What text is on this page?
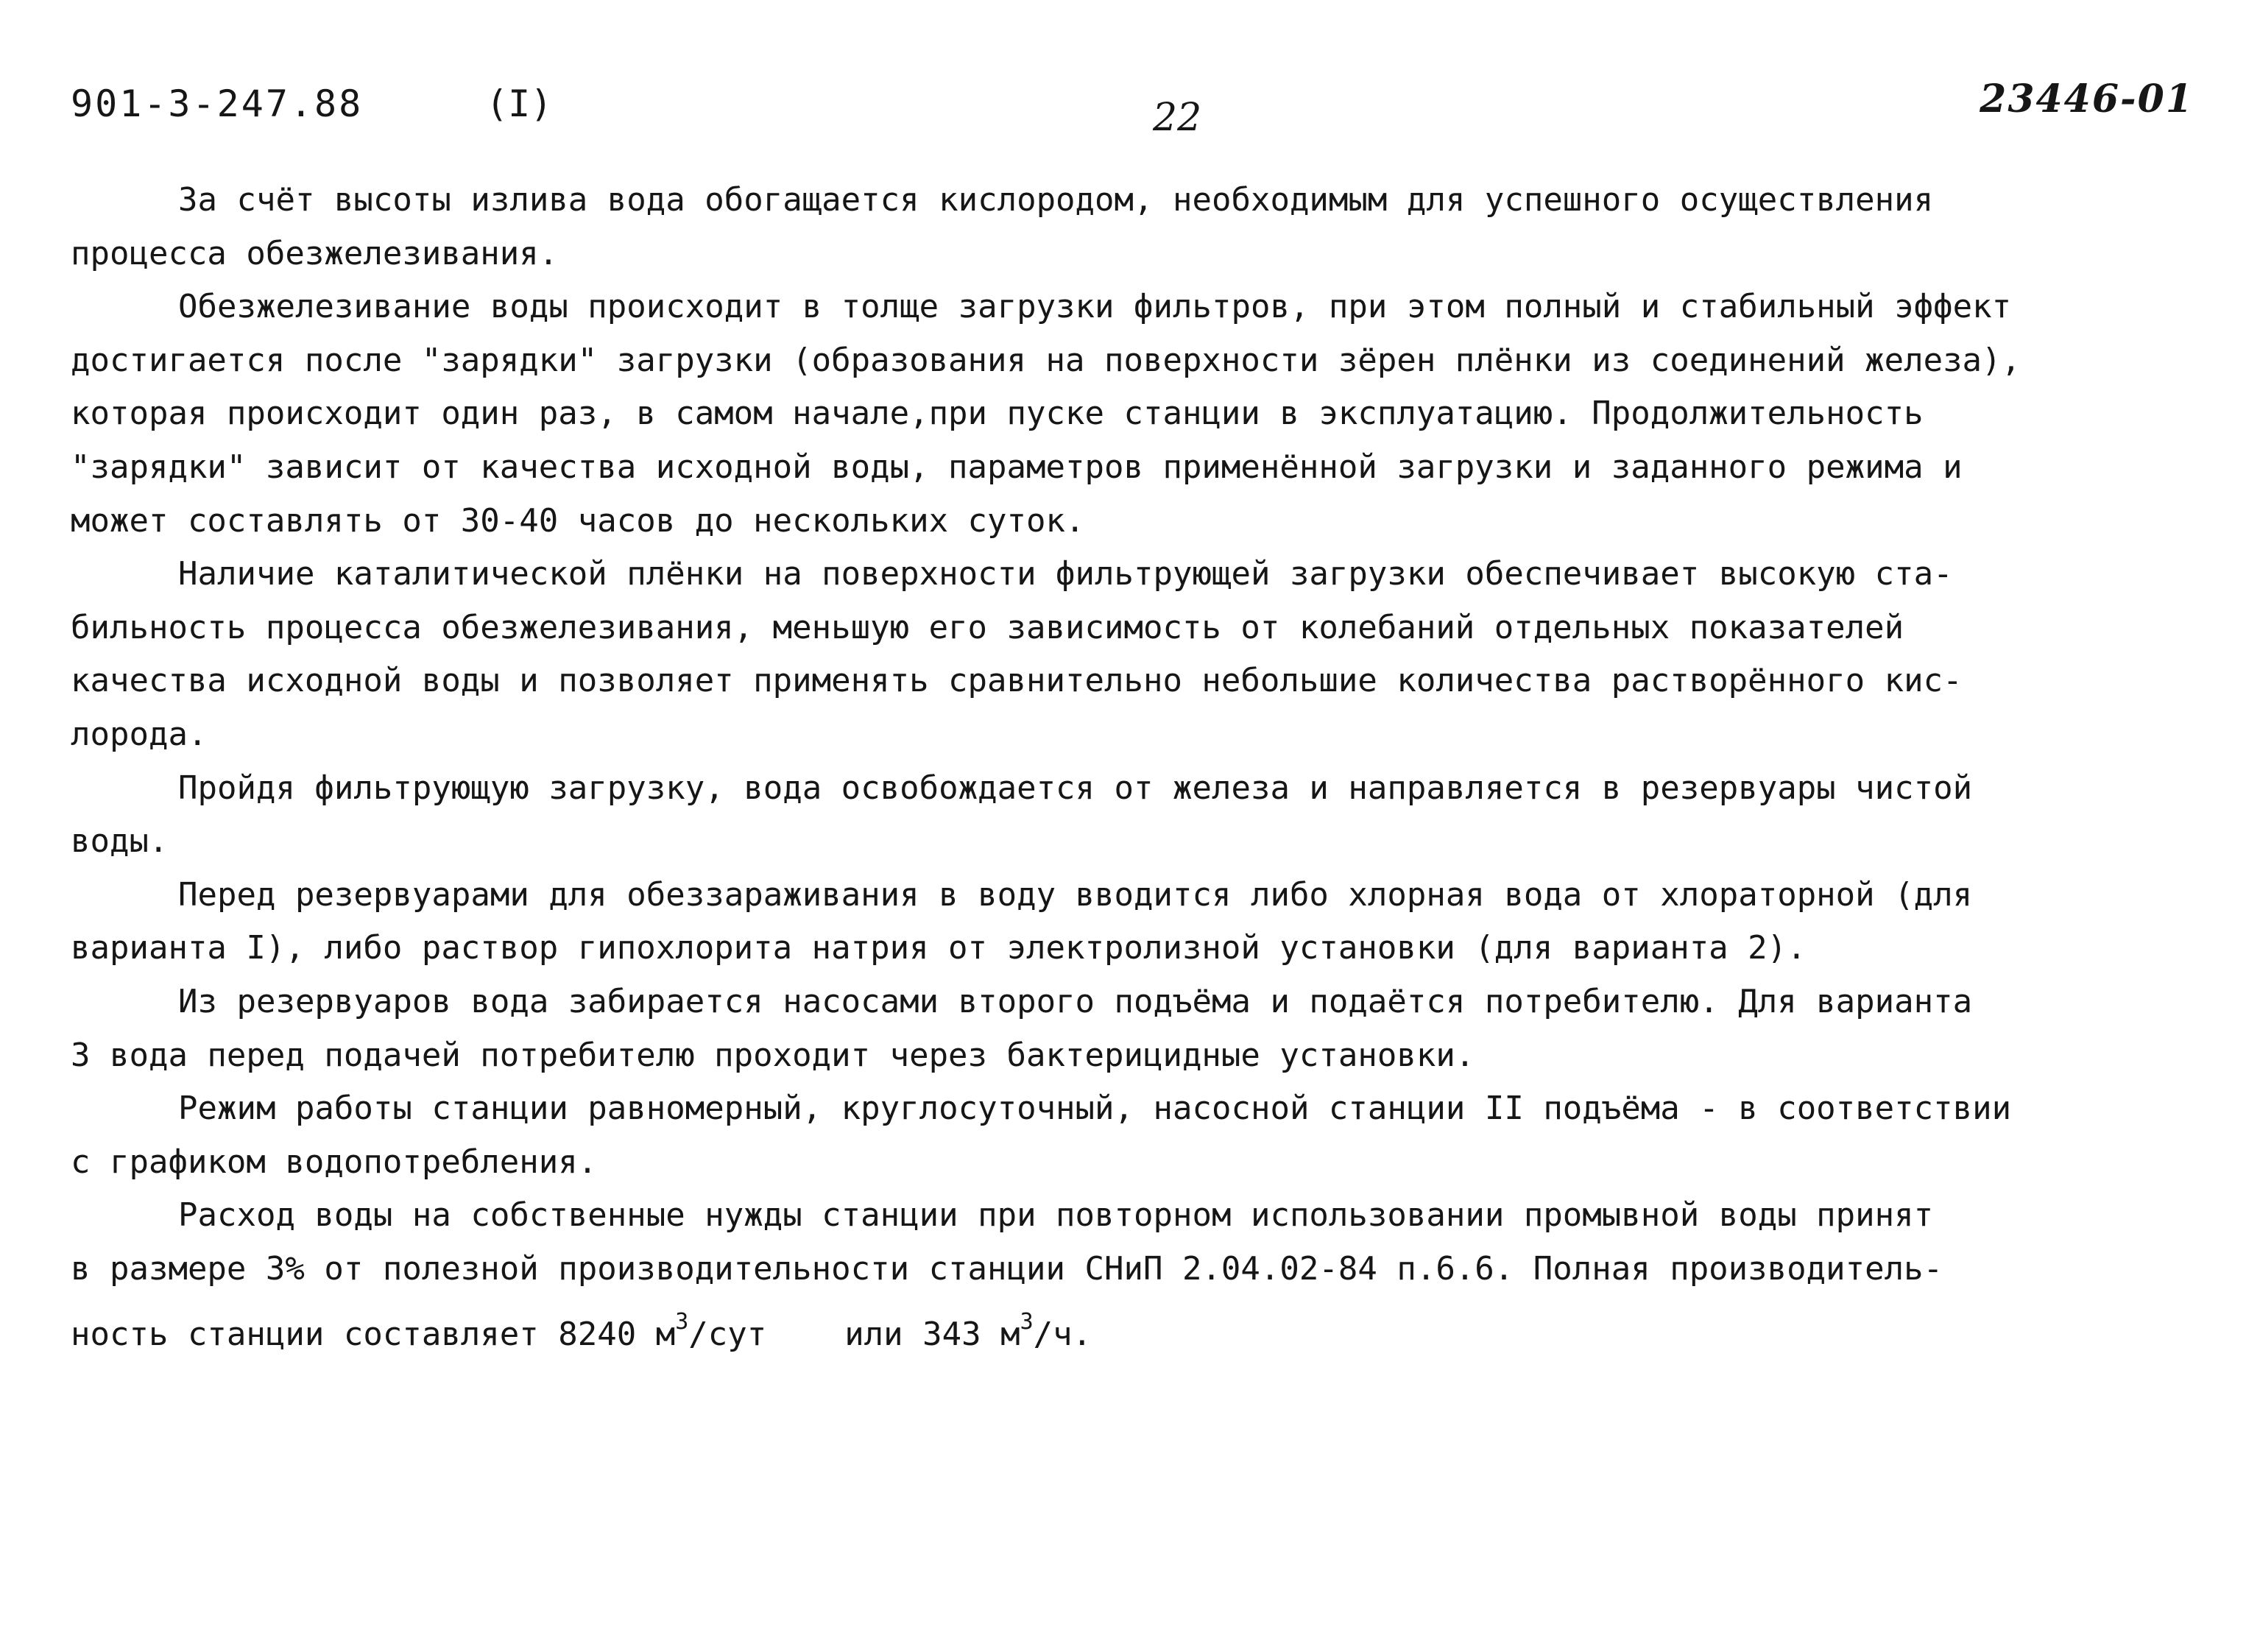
901-3-247.88	(I)	22	23446-01
За счёт высоты излива вода обогащается кислородом, необходимым для успешного осуществления
процесса обезжелезивания.
Обезжелезивание воды происходит в толще загрузки фильтров, при этом полный и стабильный эффект
достигается после "зарядки" загрузки (образования на поверхности зёрен плёнки из соединений железа),
которая происходит один раз, в самом начале,при пуске станции в эксплуатацию. Продолжительность
"зарядки" зависит от качества исходной воды, параметров применённой загрузки и заданного режима и
может составлять от 30-40 часов до нескольких суток.
Наличие каталитической плёнки на поверхности фильтрующей загрузки обеспечивает высокую ста-
бильность процесса обезжелезивания, меньшую его зависимость от колебаний отдельных показателей
качества исходной воды и позволяет применять сравнительно небольшие количества растворённого кис-
лорода.
Пройдя фильтрующую загрузку, вода освобождается от железа и направляется в резервуары чистой
воды.
Перед резервуарами для обеззараживания в воду вводится либо хлорная вода от хлораторной (для
варианта I), либо раствор гипохлорита натрия от электролизной установки (для варианта 2).
Из резервуаров вода забирается насосами второго подъёма и подаётся потребителю. Для варианта
3 вода перед подачей потребителю проходит через бактерицидные установки.
Режим работы станции равномерный, круглосуточный, насосной станции II подъёма - в соответствии
с графиком водопотребления.
Расход воды на собственные нужды станции при повторном использовании промывной воды принят
в размере 3% от полезной производительности станции СНиП 2.04.02-84 п.6.6. Полная производитель-
ность станции составляет 8240 $м^3$/сут    или 343 $м^3/ч$.
